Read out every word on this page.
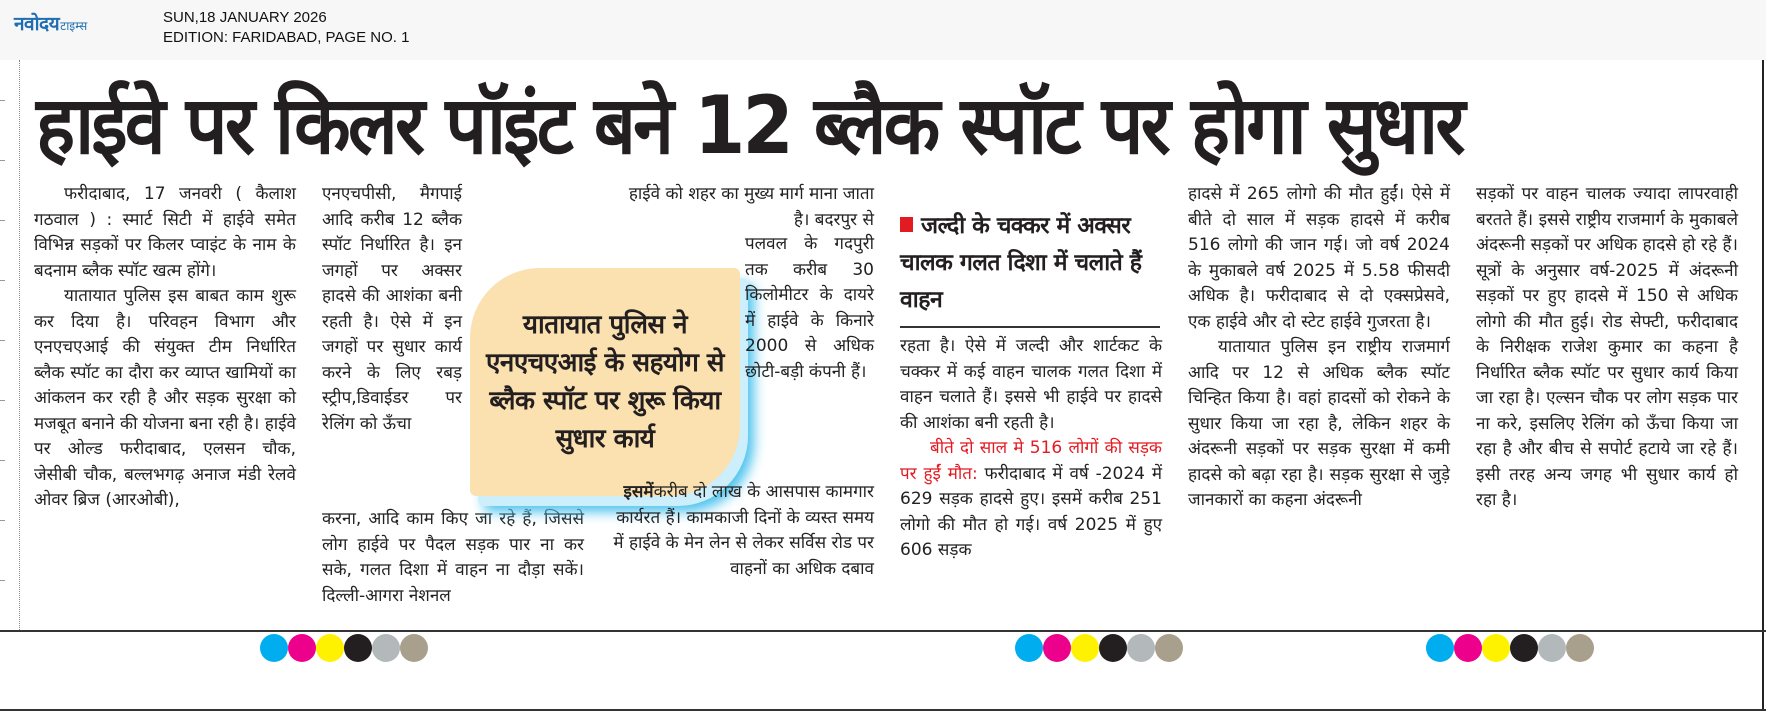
नवोदय टाइम्स	SUN,18 JANUARY 2026
EDITION: FARIDABAD, PAGE NO. 1
हाईवे पर किलर पॉइंट बने 12 ब्लैक स्पॉट पर होगा सुधार

फरीदाबाद, 17 जनवरी ( कैलाश गठवाल ) : स्मार्ट सिटी में हाईवे समेत विभिन्न सड़कों पर किलर प्वाइंट के नाम के बदनाम ब्लैक स्पॉट खत्म होंगे।

यातायात पुलिस इस बाबत काम शुरू कर दिया है। परिवहन विभाग और एनएचएआई की संयुक्त टीम निर्धारित ब्लैक स्पॉट का दौरा कर व्याप्त खामियों का आंकलन कर रही है और सड़क सुरक्षा को मजबूत बनाने की योजना बना रही है। हाईवे पर ओल्ड फरीदाबाद, एलसन चौक, जेसीबी चौक, बल्लभगढ़ अनाज मंडी रेलवे ओवर ब्रिज (आरओबी),

एनएचपीसी, मैगपाई आदि करीब 12 ब्लैक स्पॉट निर्धारित है। इन जगहों पर अक्सर हादसे की आशंका बनी रहती है। ऐसे में इन जगहों पर सुधार कार्य करने के लिए रबड़ स्ट्रीप,डिवाईडर पर रेलिंग को ऊँचा

करना, आदि काम किए जा रहे हैं, जिससे लोग हाईवे पर पैदल सड़क पार ना कर सके, गलत दिशा में वाहन ना दौड़ा सकें। दिल्ली-आगरा नेशनल

यातायात पुलिस ने एनएचएआई के सहयोग से ब्लैक स्पॉट पर शुरू किया सुधार कार्य

हाईवे को शहर का मुख्य मार्ग माना जाता है। बदरपुर से

पलवल के गदपुरी तक करीब 30 किलोमीटर के दायरे में हाईवे के किनारे 2000 से अधिक छोटी-बड़ी कंपनी हैं।

इसमेंकरीब दो लाख के आसपास कामगार कार्यरत हैं। कामकाजी दिनों के व्यस्त समय में हाईवे के मेन लेन से लेकर सर्विस रोड पर वाहनों का अधिक दबाव

जल्दी के चक्कर में अक्सर चालक गलत दिशा में चलाते हैं वाहन

रहता है। ऐसे में जल्दी और शार्टकट के चक्कर में कई वाहन चालक गलत दिशा में वाहन चलाते हैं। इससे भी हाईवे पर हादसे की आशंका बनी रहती है।

बीते दो साल मे 516 लोगों की सड़क पर हुईं मौत: फरीदाबाद में वर्ष -2024 में 629 सड़क हादसे हुए। इसमें करीब 251 लोगो की मौत हो गई। वर्ष 2025 में हुए 606 सड़क

हादसे में 265 लोगो की मौत हुईं। ऐसे में बीते दो साल में सड़क हादसे में करीब 516 लोगो की जान गई। जो वर्ष 2024 के मुकाबले वर्ष 2025 में 5.58 फीसदी अधिक है। फरीदाबाद से दो एक्सप्रेसवे, एक हाईवे और दो स्टेट हाईवे गुजरता है।

यातायात पुलिस इन राष्ट्रीय राजमार्ग आदि पर 12 से अधिक ब्लैक स्पॉट चिन्हित किया है। वहां हादसों को रोकने के सुधार किया जा रहा है, लेकिन शहर के अंदरूनी सड़कों पर सड़क सुरक्षा में कमी हादसे को बढ़ा रहा है। सड़क सुरक्षा से जुड़े जानकारों का कहना अंदरूनी

सड़कों पर वाहन चालक ज्यादा लापरवाही बरतते हैं। इससे राष्ट्रीय राजमार्ग के मुकाबले अंदरूनी सड़कों पर अधिक हादसे हो रहे हैं। सूत्रों के अनुसार वर्ष-2025 में अंदरूनी सड़कों पर हुए हादसे में 150 से अधिक लोगो की मौत हुई। रोड सेफ्टी, फरीदाबाद के निरीक्षक राजेश कुमार का कहना है निर्धारित ब्लैक स्पॉट पर सुधार कार्य किया जा रहा है। एल्सन चौक पर लोग सड़क पार ना करे, इसलिए रेलिंग को ऊँचा किया जा रहा है और बीच से सपोर्ट हटाये जा रहे हैं। इसी तरह अन्य जगह भी सुधार कार्य हो रहा है।
